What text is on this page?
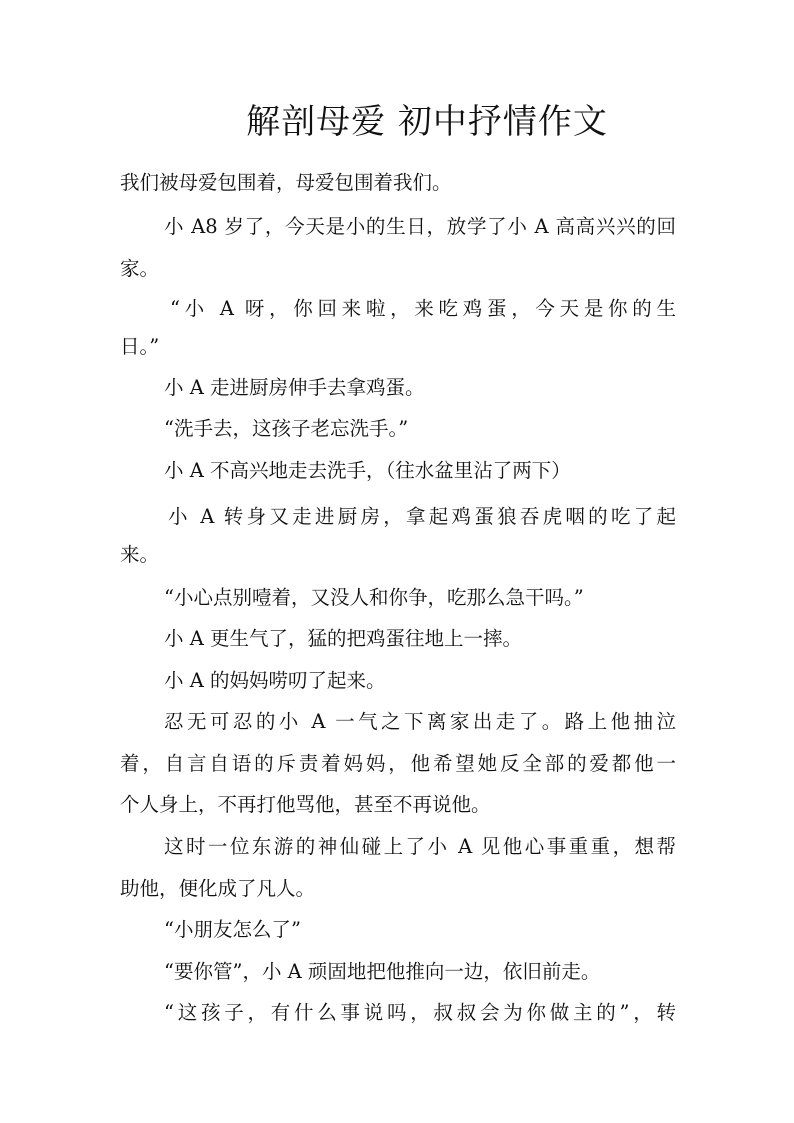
解剖母爱 初中抒情作文
我们被母爱包围着，母爱包围着我们。
小 A8 岁了，今天是小的生日，放学了小 A 高高兴兴的回
家。
“小 A 呀，你回来啦，来吃鸡蛋，今天是你的生
日。”
小 A 走进厨房伸手去拿鸡蛋。
“洗手去，这孩子老忘洗手。”
小 A 不高兴地走去洗手，（往水盆里沾了两下）
小 A 转身又走进厨房，拿起鸡蛋狼吞虎咽的吃了起
来。
“小心点别噎着，又没人和你争，吃那么急干吗。”
小 A 更生气了，猛的把鸡蛋往地上一摔。
小 A 的妈妈唠叨了起来。
忍无可忍的小 A 一气之下离家出走了。路上他抽泣
着，自言自语的斥责着妈妈，他希望她反全部的爱都他一
个人身上，不再打他骂他，甚至不再说他。
这时一位东游的神仙碰上了小 A 见他心事重重，想帮
助他，便化成了凡人。
“小朋友怎么了”
“要你管”，小 A 顽固地把他推向一边，依旧前走。
“这孩子，有什么事说吗，叔叔会为你做主的”，转
